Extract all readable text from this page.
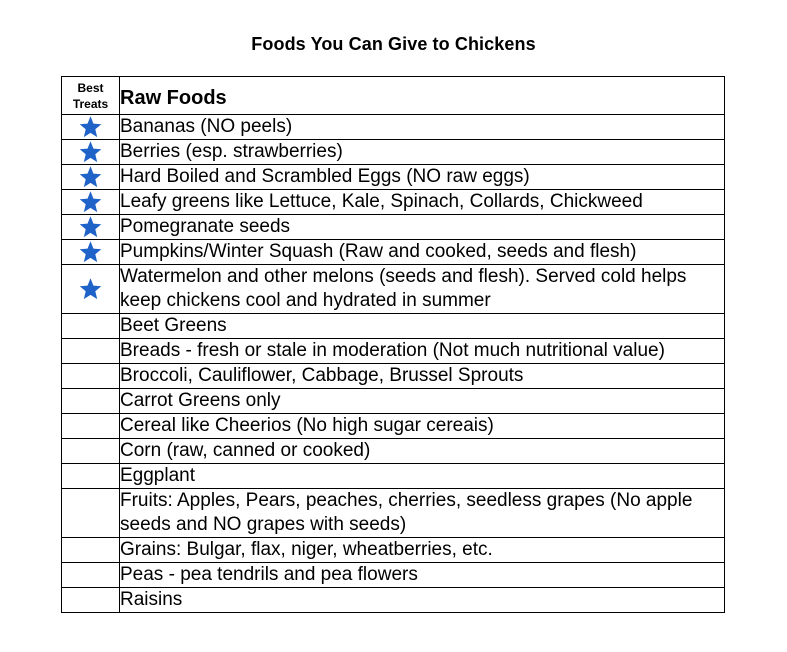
Foods You Can Give to Chickens
Best Treats	Raw Foods

	Bananas (NO peels)

	Berries (esp. strawberries)

	Hard Boiled and Scrambled Eggs (NO raw eggs)

	Leafy greens like Lettuce, Kale, Spinach, Collards, Chickweed

	Pomegranate seeds

	Pumpkins/Winter Squash (Raw and cooked, seeds and flesh)

	Watermelon and other melons (seeds and flesh). Served cold helps keep chickens cool and hydrated in summer
	Beet Greens
	Breads - fresh or stale in moderation (Not much nutritional value)
	Broccoli, Cauliflower, Cabbage, Brussel Sprouts
	Carrot Greens only
	Cereal like Cheerios (No high sugar cereais)
	Corn (raw, canned or cooked)
	Eggplant
	Fruits: Apples, Pears, peaches, cherries, seedless grapes (No apple seeds and NO grapes with seeds)
	Grains: Bulgar, flax, niger, wheatberries, etc.
	Peas - pea tendrils and pea flowers
	Raisins
